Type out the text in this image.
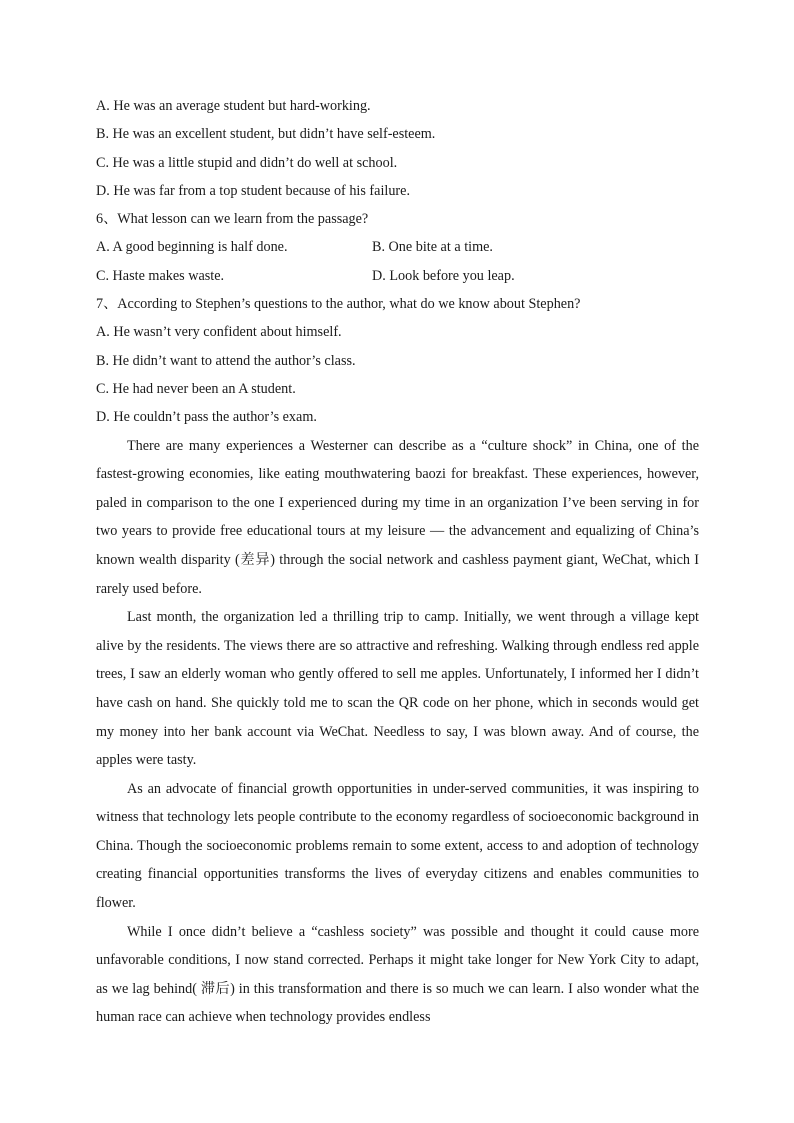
A. He was an average student but hard-working.
B. He was an excellent student, but didn’t have self-esteem.
C. He was a little stupid and didn’t do well at school.
D. He was far from a top student because of his failure.
6、What lesson can we learn from the passage?
A. A good beginning is half done.	B. One bite at a time.
C. Haste makes waste.	D. Look before you leap.
7、According to Stephen’s questions to the author, what do we know about Stephen?
A. He wasn’t very confident about himself.
B. He didn’t want to attend the author’s class.
C. He had never been an A student.
D. He couldn’t pass the author’s exam.

There are many experiences a Westerner can describe as a “culture shock” in China, one of the fastest-growing economies, like eating mouthwatering baozi for breakfast. These experiences, however, paled in comparison to the one I experienced during my time in an organization I’ve been serving in for two years to provide free educational tours at my leisure — the advancement and equalizing of China’s known wealth disparity (差异) through the social network and cashless payment giant, WeChat, which I rarely used before.

Last month, the organization led a thrilling trip to camp. Initially, we went through a village kept alive by the residents. The views there are so attractive and refreshing. Walking through endless red apple trees, I saw an elderly woman who gently offered to sell me apples. Unfortunately, I informed her I didn’t have cash on hand. She quickly told me to scan the QR code on her phone, which in seconds would get my money into her bank account via WeChat. Needless to say, I was blown away. And of course, the apples were tasty.

As an advocate of financial growth opportunities in under-served communities, it was inspiring to witness that technology lets people contribute to the economy regardless of socioeconomic background in China. Though the socioeconomic problems remain to some extent, access to and adoption of technology creating financial opportunities transforms the lives of everyday citizens and enables communities to flower.

While I once didn’t believe a “cashless society” was possible and thought it could cause more unfavorable conditions, I now stand corrected. Perhaps it might take longer for New York City to adapt, as we lag behind( 滞后) in this transformation and there is so much we can learn. I also wonder what the human race can achieve when technology provides endless
